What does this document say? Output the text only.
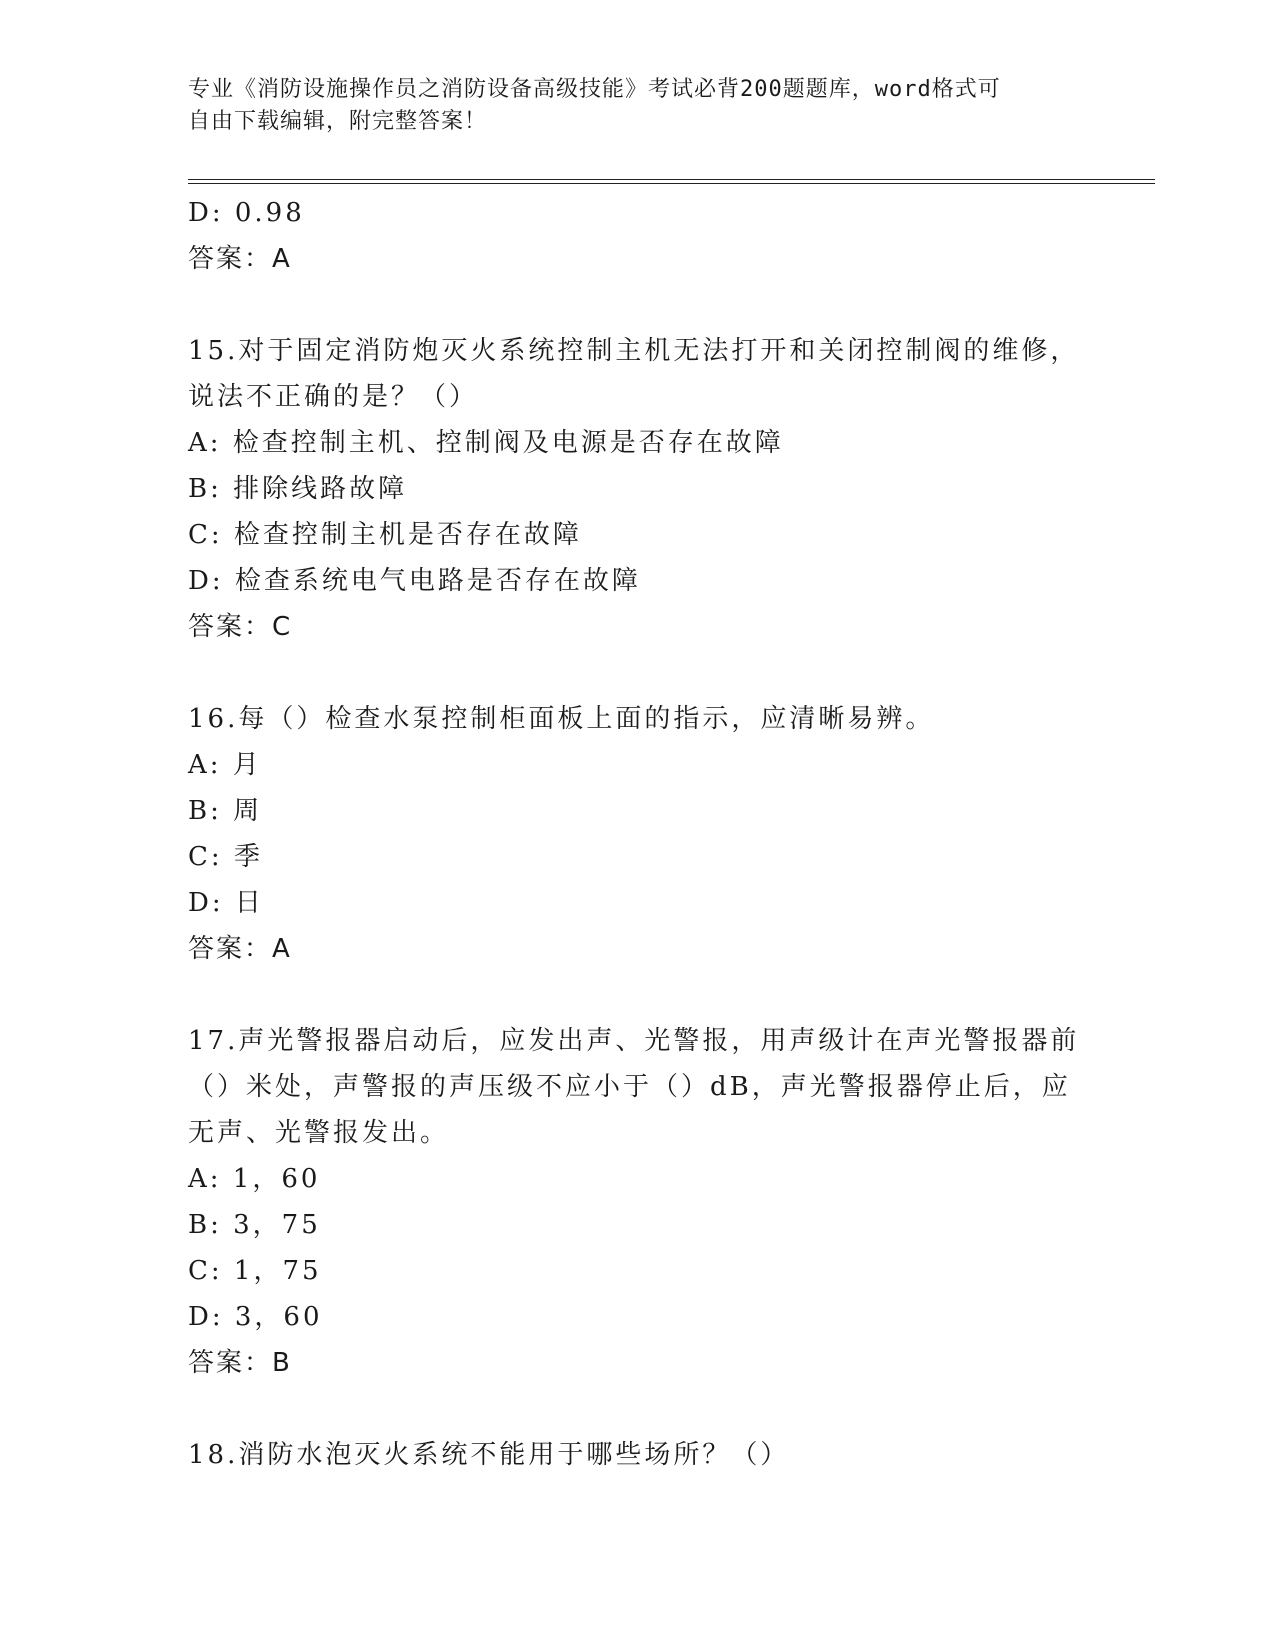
专业《消防设施操作员之消防设备高级技能》考试必背200题题库，word格式可
自由下载编辑，附完整答案！
D: 0.98
答案：A
15.对于固定消防炮灭火系统控制主机无法打开和关闭控制阀的维修，
说法不正确的是？（）
A: 检查控制主机、控制阀及电源是否存在故障
B: 排除线路故障
C: 检查控制主机是否存在故障
D: 检查系统电气电路是否存在故障
答案：C
16.每（）检查水泵控制柜面板上面的指示，应清晰易辨。
A: 月
B: 周
C: 季
D: 日
答案：A
17.声光警报器启动后，应发出声、光警报，用声级计在声光警报器前
（）米处，声警报的声压级不应小于（）dB，声光警报器停止后，应
无声、光警报发出。
A: 1，60
B: 3，75
C: 1，75
D: 3，60
答案：B
18.消防水泡灭火系统不能用于哪些场所？（）
